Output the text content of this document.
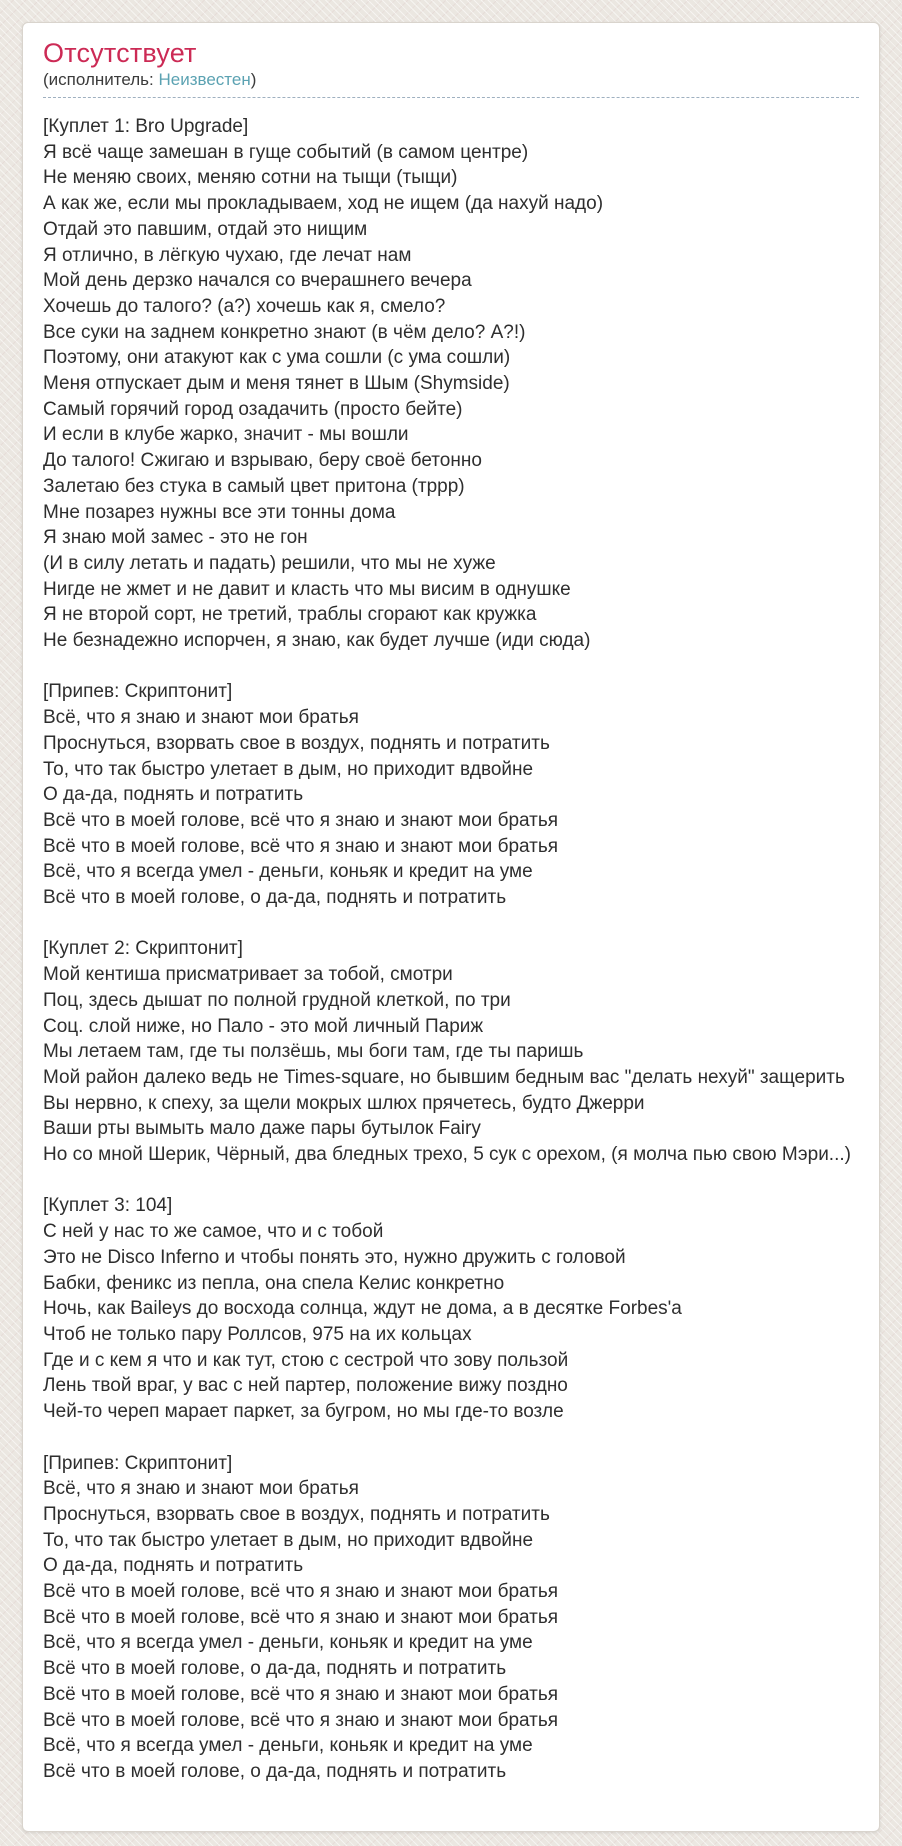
Отсутствует
(исполнитель: Неизвестен)
[Куплет 1: Bro Upgrade]
Я всё чаще замешан в гуще событий (в самом центре)
Не меняю своих, меняю сотни на тыщи (тыщи)
А как же, если мы прокладываем, ход не ищем (да нахуй надо)
Отдай это павшим, отдай это нищим
Я отлично, в лёгкую чухаю, где лечат нам
Мой день дерзко начался со вчерашнего вечера
Хочешь до талого? (а?) хочешь как я, смело?
Все суки на заднем конкретно знают (в чём дело? А?!)
Поэтому, они атакуют как с ума сошли (с ума сошли)
Меня отпускает дым и меня тянет в Шым (Shymside)
Самый горячий город озадачить (просто бейте)
И если в клубе жарко, значит - мы вошли
До талого! Сжигаю и взрываю, беру своё бетонно
Залетаю без стука в самый цвет притона (тррр)
Мне позарез нужны все эти тонны дома
Я знаю мой замес - это не гон
(И в силу летать и падать) решили, что мы не хуже
Нигде не жмет и не давит и класть что мы висим в однушке
Я не второй сорт, не третий, траблы сгорают как кружка
Не безнадежно испорчен, я знаю, как будет лучше (иди сюда)
[Припев: Скриптонит]
Всё, что я знаю и знают мои братья
Проснуться, взорвать свое в воздух, поднять и потратить
То, что так быстро улетает в дым, но приходит вдвойне
О да-да, поднять и потратить
Всё что в моей голове, всё что я знаю и знают мои братья
Всё что в моей голове, всё что я знаю и знают мои братья
Всё, что я всегда умел - деньги, коньяк и кредит на уме
Всё что в моей голове, о да-да, поднять и потратить
[Куплет 2: Скриптонит]
Мой кентиша присматривает за тобой, смотри
Поц, здесь дышат по полной грудной клеткой, по три
Соц. слой ниже, но Пало - это мой личный Париж
Мы летаем там, где ты ползёшь, мы боги там, где ты паришь
Мой район далеко ведь не Times-square, но бывшим бедным вас "делать нехуй" защерить
Вы нервно, к спеху, за щели мокрых шлюх прячетесь, будто Джерри
Ваши рты вымыть мало даже пары бутылок Fairy
Но со мной Шерик, Чёрный, два бледных трехо, 5 сук с орехом, (я молча пью свою Мэри...)
[Куплет 3: 104]
С ней у нас то же самое, что и с тобой
Это не Disco Inferno и чтобы понять это, нужно дружить с головой
Бабки, феникс из пепла, она спела Келис конкретно
Ночь, как Baileys до восхода солнца, ждут не дома, а в десятке Forbes'а
Чтоб не только пару Роллсов, 975 на их кольцах
Где и с кем я что и как тут, стою с сестрой что зову пользой
Лень твой враг, у вас с ней партер, положение вижу поздно
Чей-то череп марает паркет, за бугром, но мы где-то возле
[Припев: Скриптонит]
Всё, что я знаю и знают мои братья
Проснуться, взорвать свое в воздух, поднять и потратить
То, что так быстро улетает в дым, но приходит вдвойне
О да-да, поднять и потратить
Всё что в моей голове, всё что я знаю и знают мои братья
Всё что в моей голове, всё что я знаю и знают мои братья
Всё, что я всегда умел - деньги, коньяк и кредит на уме
Всё что в моей голове, о да-да, поднять и потратить
Всё что в моей голове, всё что я знаю и знают мои братья
Всё что в моей голове, всё что я знаю и знают мои братья
Всё, что я всегда умел - деньги, коньяк и кредит на уме
Всё что в моей голове, о да-да, поднять и потратить
